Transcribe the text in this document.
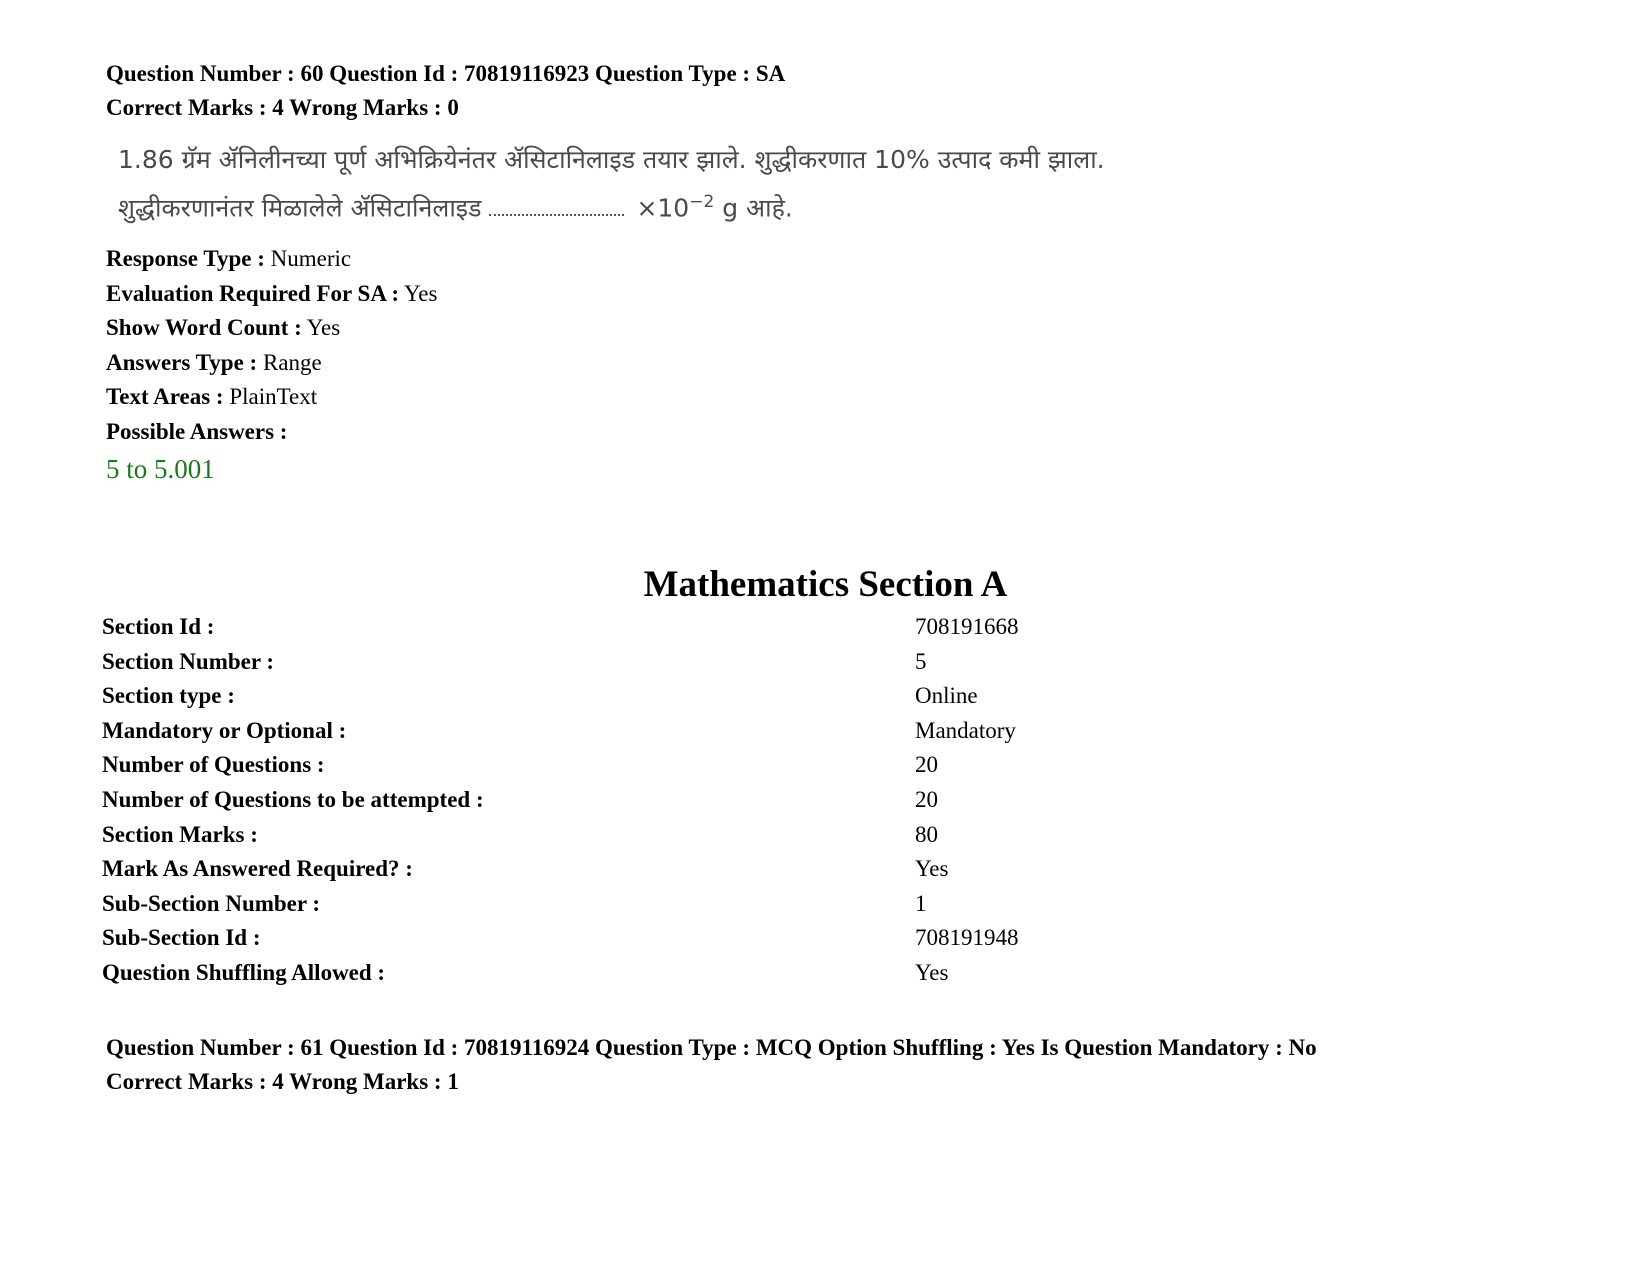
Question Number : 60 Question Id : 70819116923 Question Type : SA
Correct Marks : 4 Wrong Marks : 0
1.86 ग्रॅम ॲनिलीनच्या पूर्ण अभिक्रियेनंतर ॲसिटानिलाइड तयार झाले. शुद्धीकरणात 10% उत्पाद कमी झाला.
शुद्धीकरणानंतर मिळालेले ॲसिटानिलाइड	$\times 10^{-2}$ g आहे.
Response Type : Numeric
Evaluation Required For SA : Yes
Show Word Count : Yes
Answers Type : Range
Text Areas : PlainText
Possible Answers :
5 to 5.001
Mathematics Section A
Section Id :	708191668
Section Number :	5
Section type :	Online
Mandatory or Optional :	Mandatory
Number of Questions :	20
Number of Questions to be attempted :	20
Section Marks :	80
Mark As Answered Required? :	Yes
Sub-Section Number :	1
Sub-Section Id :	708191948
Question Shuffling Allowed :	Yes
Question Number : 61 Question Id : 70819116924 Question Type : MCQ Option Shuffling : Yes Is Question Mandatory : No
Correct Marks : 4 Wrong Marks : 1
